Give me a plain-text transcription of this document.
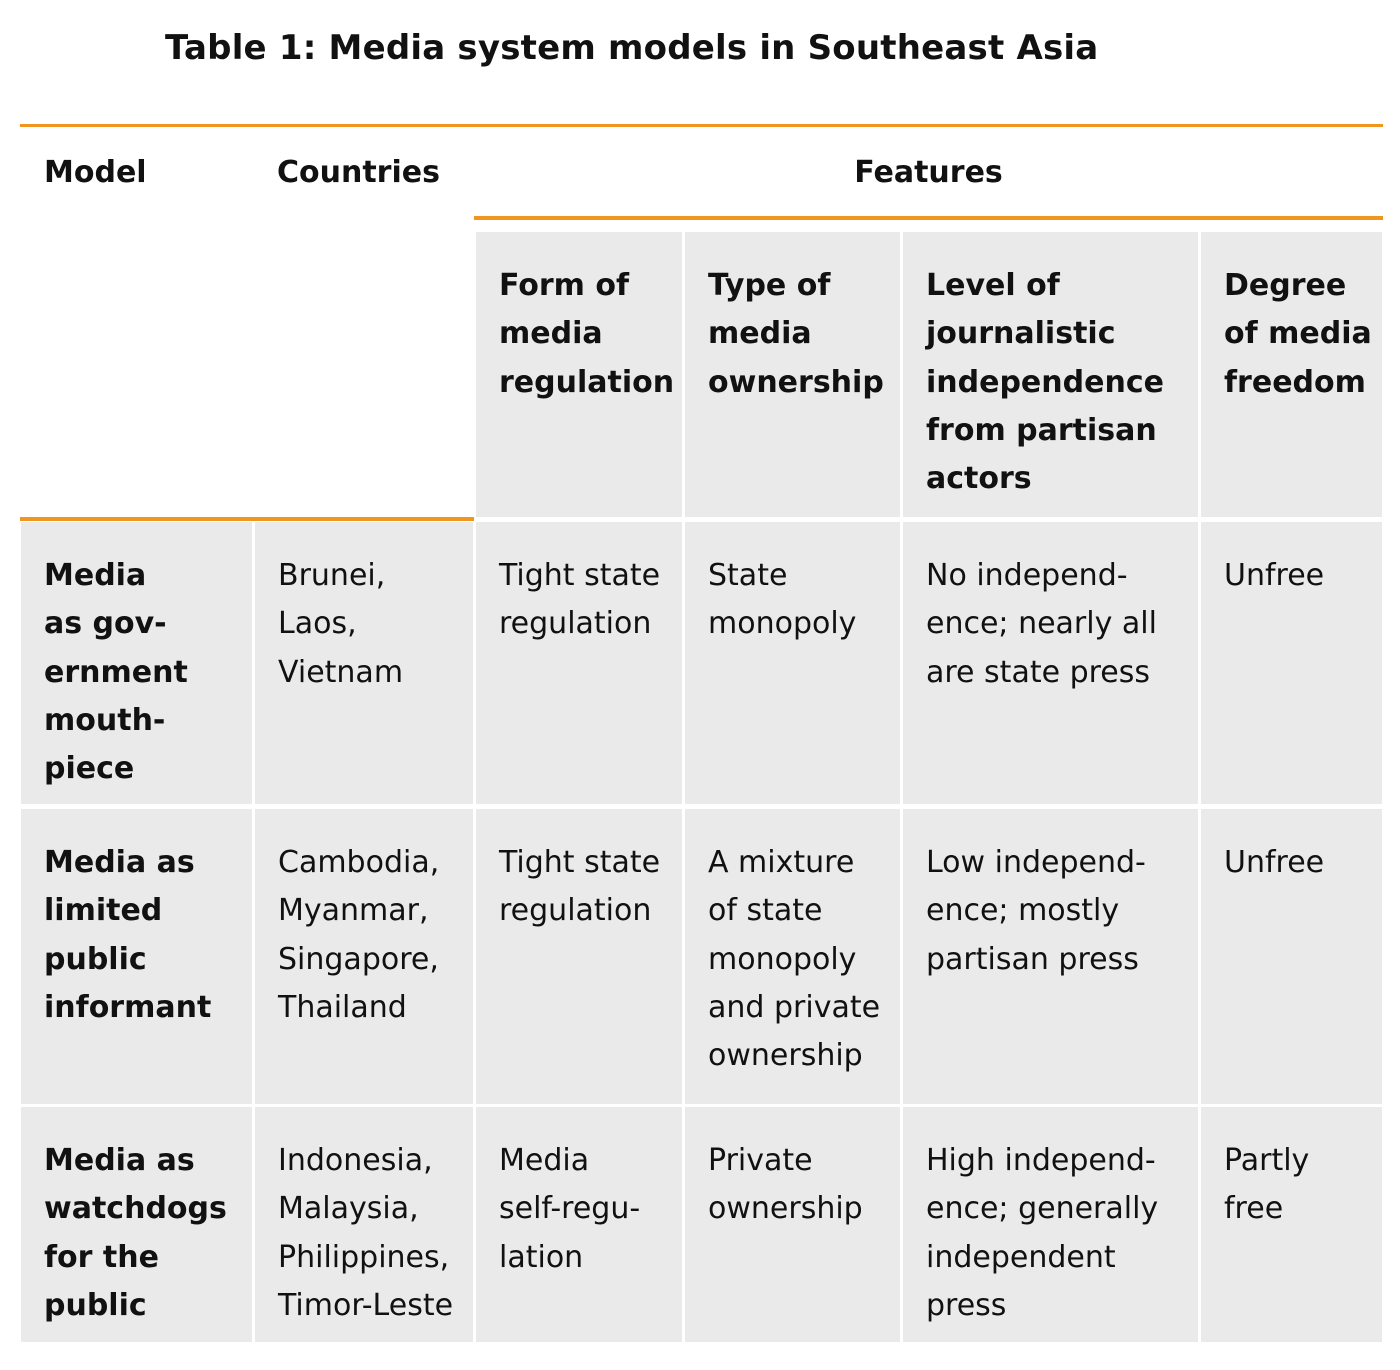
Table 1: Media system models in Southeast Asia
Model	Countries	Features
Form of
media
regulation
Type of
media
ownership
Level of
journalistic
independence
from partisan
actors
Degree
of media
freedom
Media
as gov-
ernment
mouth-
piece
Brunei,
Laos,
Vietnam
Tight state
regulation
State
monopoly
No independ-
ence; nearly all
are state press
Unfree
Media as
limited
public
informant
Cambodia,
Myanmar,
Singapore,
Thailand
Tight state
regulation
A mixture
of state
monopoly
and private
ownership
Low independ-
ence; mostly
partisan press
Unfree
Media as
watchdogs
for the
public
Indonesia,
Malaysia,
Philippines,
Timor-Leste
Media
self-regu-
lation
Private
ownership
High independ-
ence; generally
independent
press
Partly
free
